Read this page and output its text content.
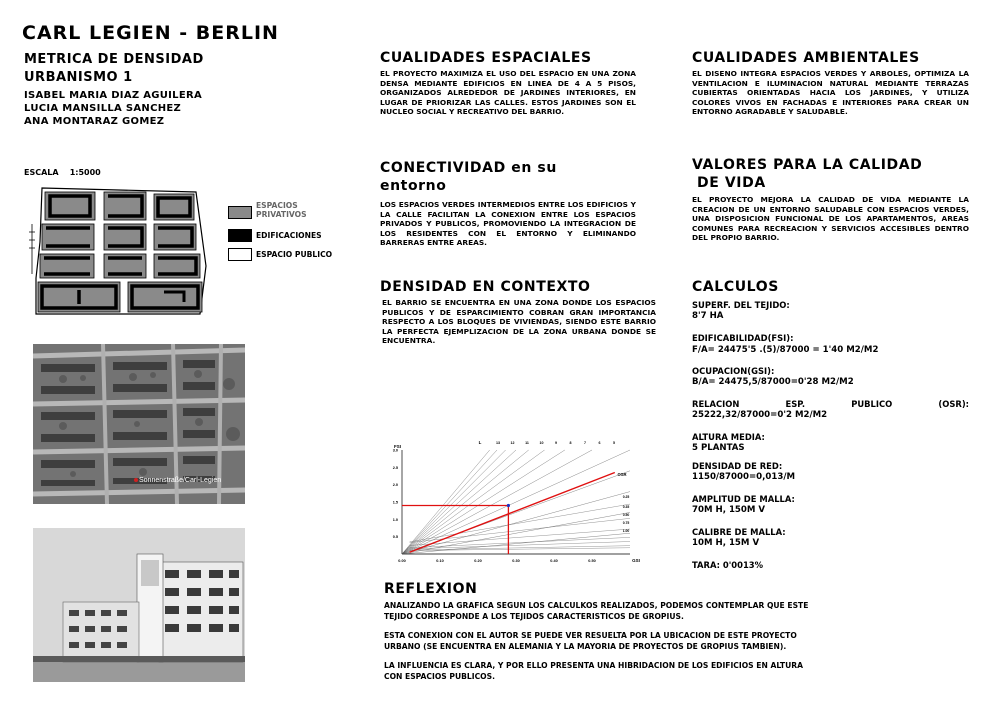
CARL LEGIEN - BERLIN
METRICA DE DENSIDAD
URBANISMO 1
ISABEL MARIA DIAZ AGUILERA
LUCIA MANSILLA SANCHEZ
ANA MONTARAZ GOMEZ
ESCALA 1:5000
ESPACIOS
PRIVATIVOS
EDIFICACIONES
ESPACIO PUBLICO
Sonnenstraße/Carl-Legien
CUALIDADES ESPACIALES
EL PROYECTO MAXIMIZA EL USO DEL ESPACIO EN UNA ZONA DENSA MEDIANTE EDIFICIOS EN LINEA DE 4 A 5 PISOS, ORGANIZADOS ALREDEDOR DE JARDINES INTERIORES, EN LUGAR DE PRIORIZAR LAS CALLES. ESTOS JARDINES SON EL NUCLEO SOCIAL Y RECREATIVO DEL BARRIO.
CONECTIVIDAD en su
entorno
LOS ESPACIOS VERDES INTERMEDIOS ENTRE LOS EDIFICIOS Y LA CALLE FACILITAN LA CONEXION ENTRE LOS ESPACIOS PRIVADOS Y PUBLICOS, PROMOVIENDO LA INTEGRACION DE LOS RESIDENTES CON EL ENTORNO Y ELIMINANDO BARRERAS ENTRE AREAS.
DENSIDAD EN CONTEXTO
EL BARRIO SE ENCUENTRA EN UNA ZONA DONDE LOS ESPACIOS PUBLICOS Y DE ESPARCIMIENTO COBRAN GRAN IMPORTANCIA RESPECTO A LOS BLOQUES DE VIVIENDAS, SIENDO ESTE BARRIO LA PERFECTA EJEMPLIZACION DE LA ZONA URBANA DONDE SE ENCUENTRA.
0.00	0.10	0.20	0.30	0.40	0.50
0.5
1.0
1.5
2.0
2.5
3.0
FSI
GSI
L	13	12	11	10	9	8	7	6	5
OSR
0.25
0.35
0.50
0.75
1.00
CUALIDADES AMBIENTALES
EL DISENO INTEGRA ESPACIOS VERDES Y ARBOLES, OPTIMIZA LA VENTILACION E ILUMINACION NATURAL MEDIANTE TERRAZAS CUBIERTAS ORIENTADAS HACIA LOS JARDINES, Y UTILIZA COLORES VIVOS EN FACHADAS E INTERIORES PARA CREAR UN ENTORNO AGRADABLE Y SALUDABLE.
VALORES PARA LA CALIDAD
DE VIDA
EL PROYECTO MEJORA LA CALIDAD DE VIDA MEDIANTE LA CREACION DE UN ENTORNO SALUDABLE CON ESPACIOS VERDES, UNA DISPOSICION FUNCIONAL DE LOS APARTAMENTOS, AREAS COMUNES PARA RECREACION Y SERVICIOS ACCESIBLES DENTRO DEL PROPIO BARRIO.
CALCULOS
SUPERF. DEL TEJIDO:
8'7 HA
EDIFICABILIDAD(FSI):
F/A= 24475'5 .(5)/87000 = 1'40 M2/M2
OCUPACION(GSI):
B/A= 24475,5/87000=0'28 M2/M2
RELACION ESP. PUBLICO (OSR):
25222,32/87000=0'2 M2/M2
ALTURA MEDIA:
5 PLANTAS
DENSIDAD DE RED:
1150/87000=0,013/M
AMPLITUD DE MALLA:
70M H, 150M V
CALIBRE DE MALLA:
10M H, 15M V
TARA: 0'0013%
REFLEXION
ANALIZANDO LA GRAFICA SEGUN LOS CALCULKOS REALIZADOS, PODEMOS CONTEMPLAR QUE ESTE
TEJIDO CORRESPONDE A LOS TEJIDOS CARACTERISTICOS DE GROPIUS.
ESTA CONEXION CON EL AUTOR SE PUEDE VER RESUELTA POR LA UBICACION DE ESTE PROYECTO
URBANO (SE ENCUENTRA EN ALEMANIA Y LA MAYORIA DE PROYECTOS DE GROPIUS TAMBIEN).
LA INFLUENCIA ES CLARA, Y POR ELLO PRESENTA UNA HIBRIDACION DE LOS EDIFICIOS EN ALTURA
CON ESPACIOS PUBLICOS.
